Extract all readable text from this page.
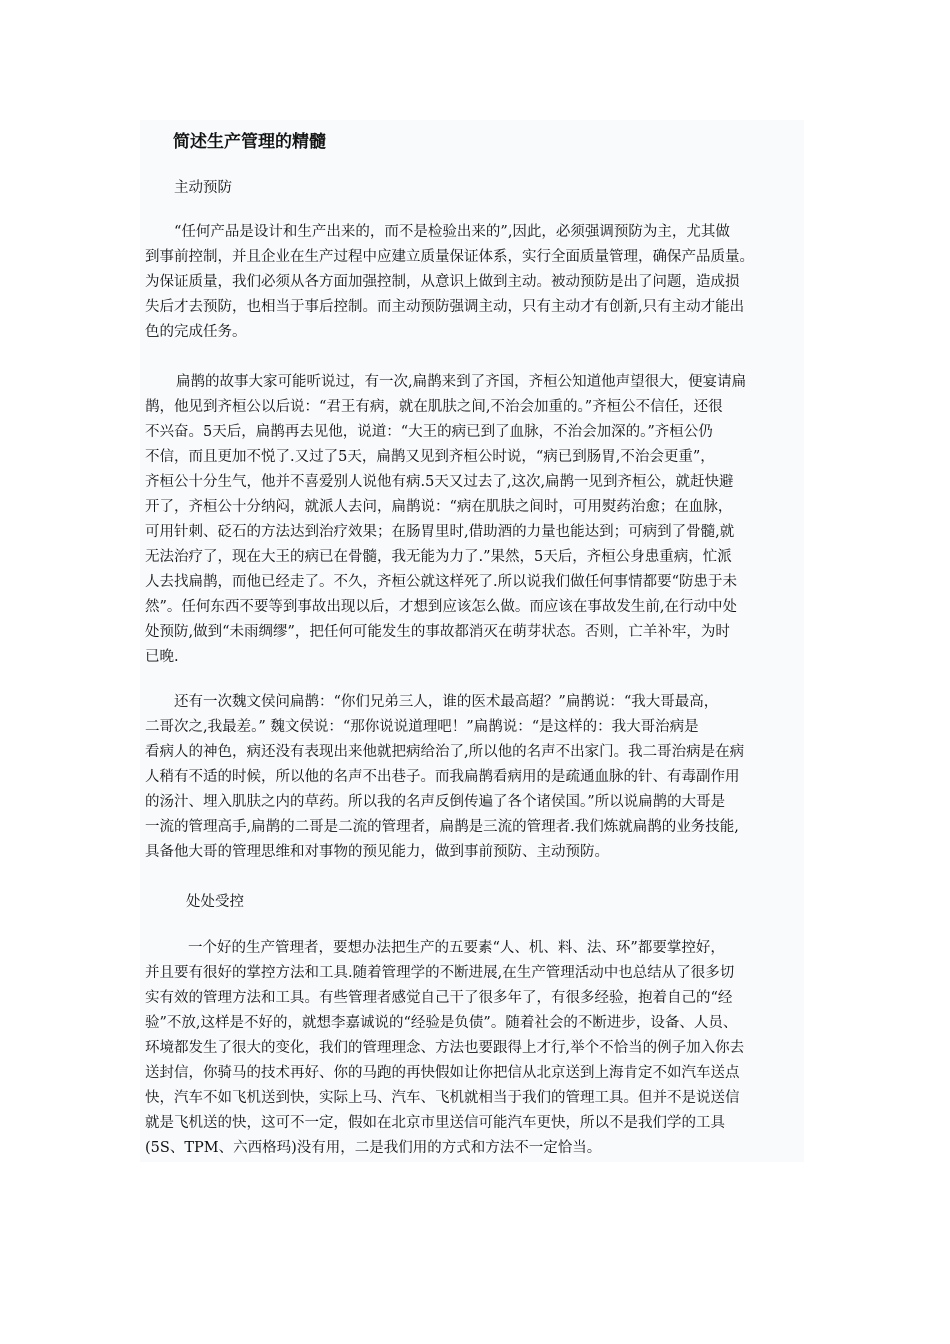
简述生产管理的精髓
主动预防
“任何产品是设计和生产出来的，而不是检验出来的”,因此，必须强调预防为主，尤其做
到事前控制，并且企业在生产过程中应建立质量保证体系，实行全面质量管理，确保产品质量。
为保证质量，我们必须从各方面加强控制，从意识上做到主动。被动预防是出了问题，造成损
失后才去预防，也相当于事后控制。而主动预防强调主动，只有主动才有创新,只有主动才能出
色的完成任务。
扁鹊的故事大家可能听说过，有一次,扁鹊来到了齐国，齐桓公知道他声望很大，便宴请扁
鹊，他见到齐桓公以后说：“君王有病，就在肌肤之间,不治会加重的。”齐桓公不信任，还很
不兴奋。5天后，扁鹊再去见他，说道：“大王的病已到了血脉，不治会加深的。”齐桓公仍
不信，而且更加不悦了.又过了5天，扁鹊又见到齐桓公时说，“病已到肠胃,不治会更重”，
齐桓公十分生气，他并不喜爱别人说他有病.5天又过去了,这次,扁鹊一见到齐桓公，就赶快避
开了，齐桓公十分纳闷，就派人去问，扁鹊说：“病在肌肤之间时，可用熨药治愈；在血脉，
可用针刺、砭石的方法达到治疗效果；在肠胃里时,借助酒的力量也能达到；可病到了骨髓,就
无法治疗了，现在大王的病已在骨髓，我无能为力了.”果然，5天后，齐桓公身患重病，忙派
人去找扁鹊，而他已经走了。不久，齐桓公就这样死了.所以说我们做任何事情都要“防患于未
然”。任何东西不要等到事故出现以后，才想到应该怎么做。而应该在事故发生前,在行动中处
处预防,做到“未雨绸缪”，把任何可能发生的事故都消灭在萌芽状态。否则，亡羊补牢，为时
已晚.
还有一次魏文侯问扁鹊：“你们兄弟三人，谁的医术最高超？”扁鹊说：“我大哥最高，
二哥次之,我最差。” 魏文侯说：“那你说说道理吧！”扁鹊说：“是这样的：我大哥治病是
看病人的神色，病还没有表现出来他就把病给治了,所以他的名声不出家门。我二哥治病是在病
人稍有不适的时候，所以他的名声不出巷子。而我扁鹊看病用的是疏通血脉的针、有毒副作用
的汤汁、埋入肌肤之内的草药。所以我的名声反倒传遍了各个诸侯国。”所以说扁鹊的大哥是
一流的管理高手,扁鹊的二哥是二流的管理者，扁鹊是三流的管理者.我们炼就扁鹊的业务技能,
具备他大哥的管理思维和对事物的预见能力，做到事前预防、主动预防。
处处受控
一个好的生产管理者，要想办法把生产的五要素“人、机、料、法、环”都要掌控好，
并且要有很好的掌控方法和工具.随着管理学的不断进展,在生产管理活动中也总结从了很多切
实有效的管理方法和工具。有些管理者感觉自己干了很多年了，有很多经验，抱着自己的“经
验”不放,这样是不好的，就想李嘉诚说的“经验是负债”。随着社会的不断进步，设备、人员、
环境都发生了很大的变化，我们的管理理念、方法也要跟得上才行,举个不恰当的例子加入你去
送封信，你骑马的技术再好、你的马跑的再快假如让你把信从北京送到上海肯定不如汽车送点
快，汽车不如飞机送到快，实际上马、汽车、飞机就相当于我们的管理工具。但并不是说送信
就是飞机送的快，这可不一定，假如在北京市里送信可能汽车更快，所以不是我们学的工具
(5S、TPM、六西格玛)没有用，二是我们用的方式和方法不一定恰当。
